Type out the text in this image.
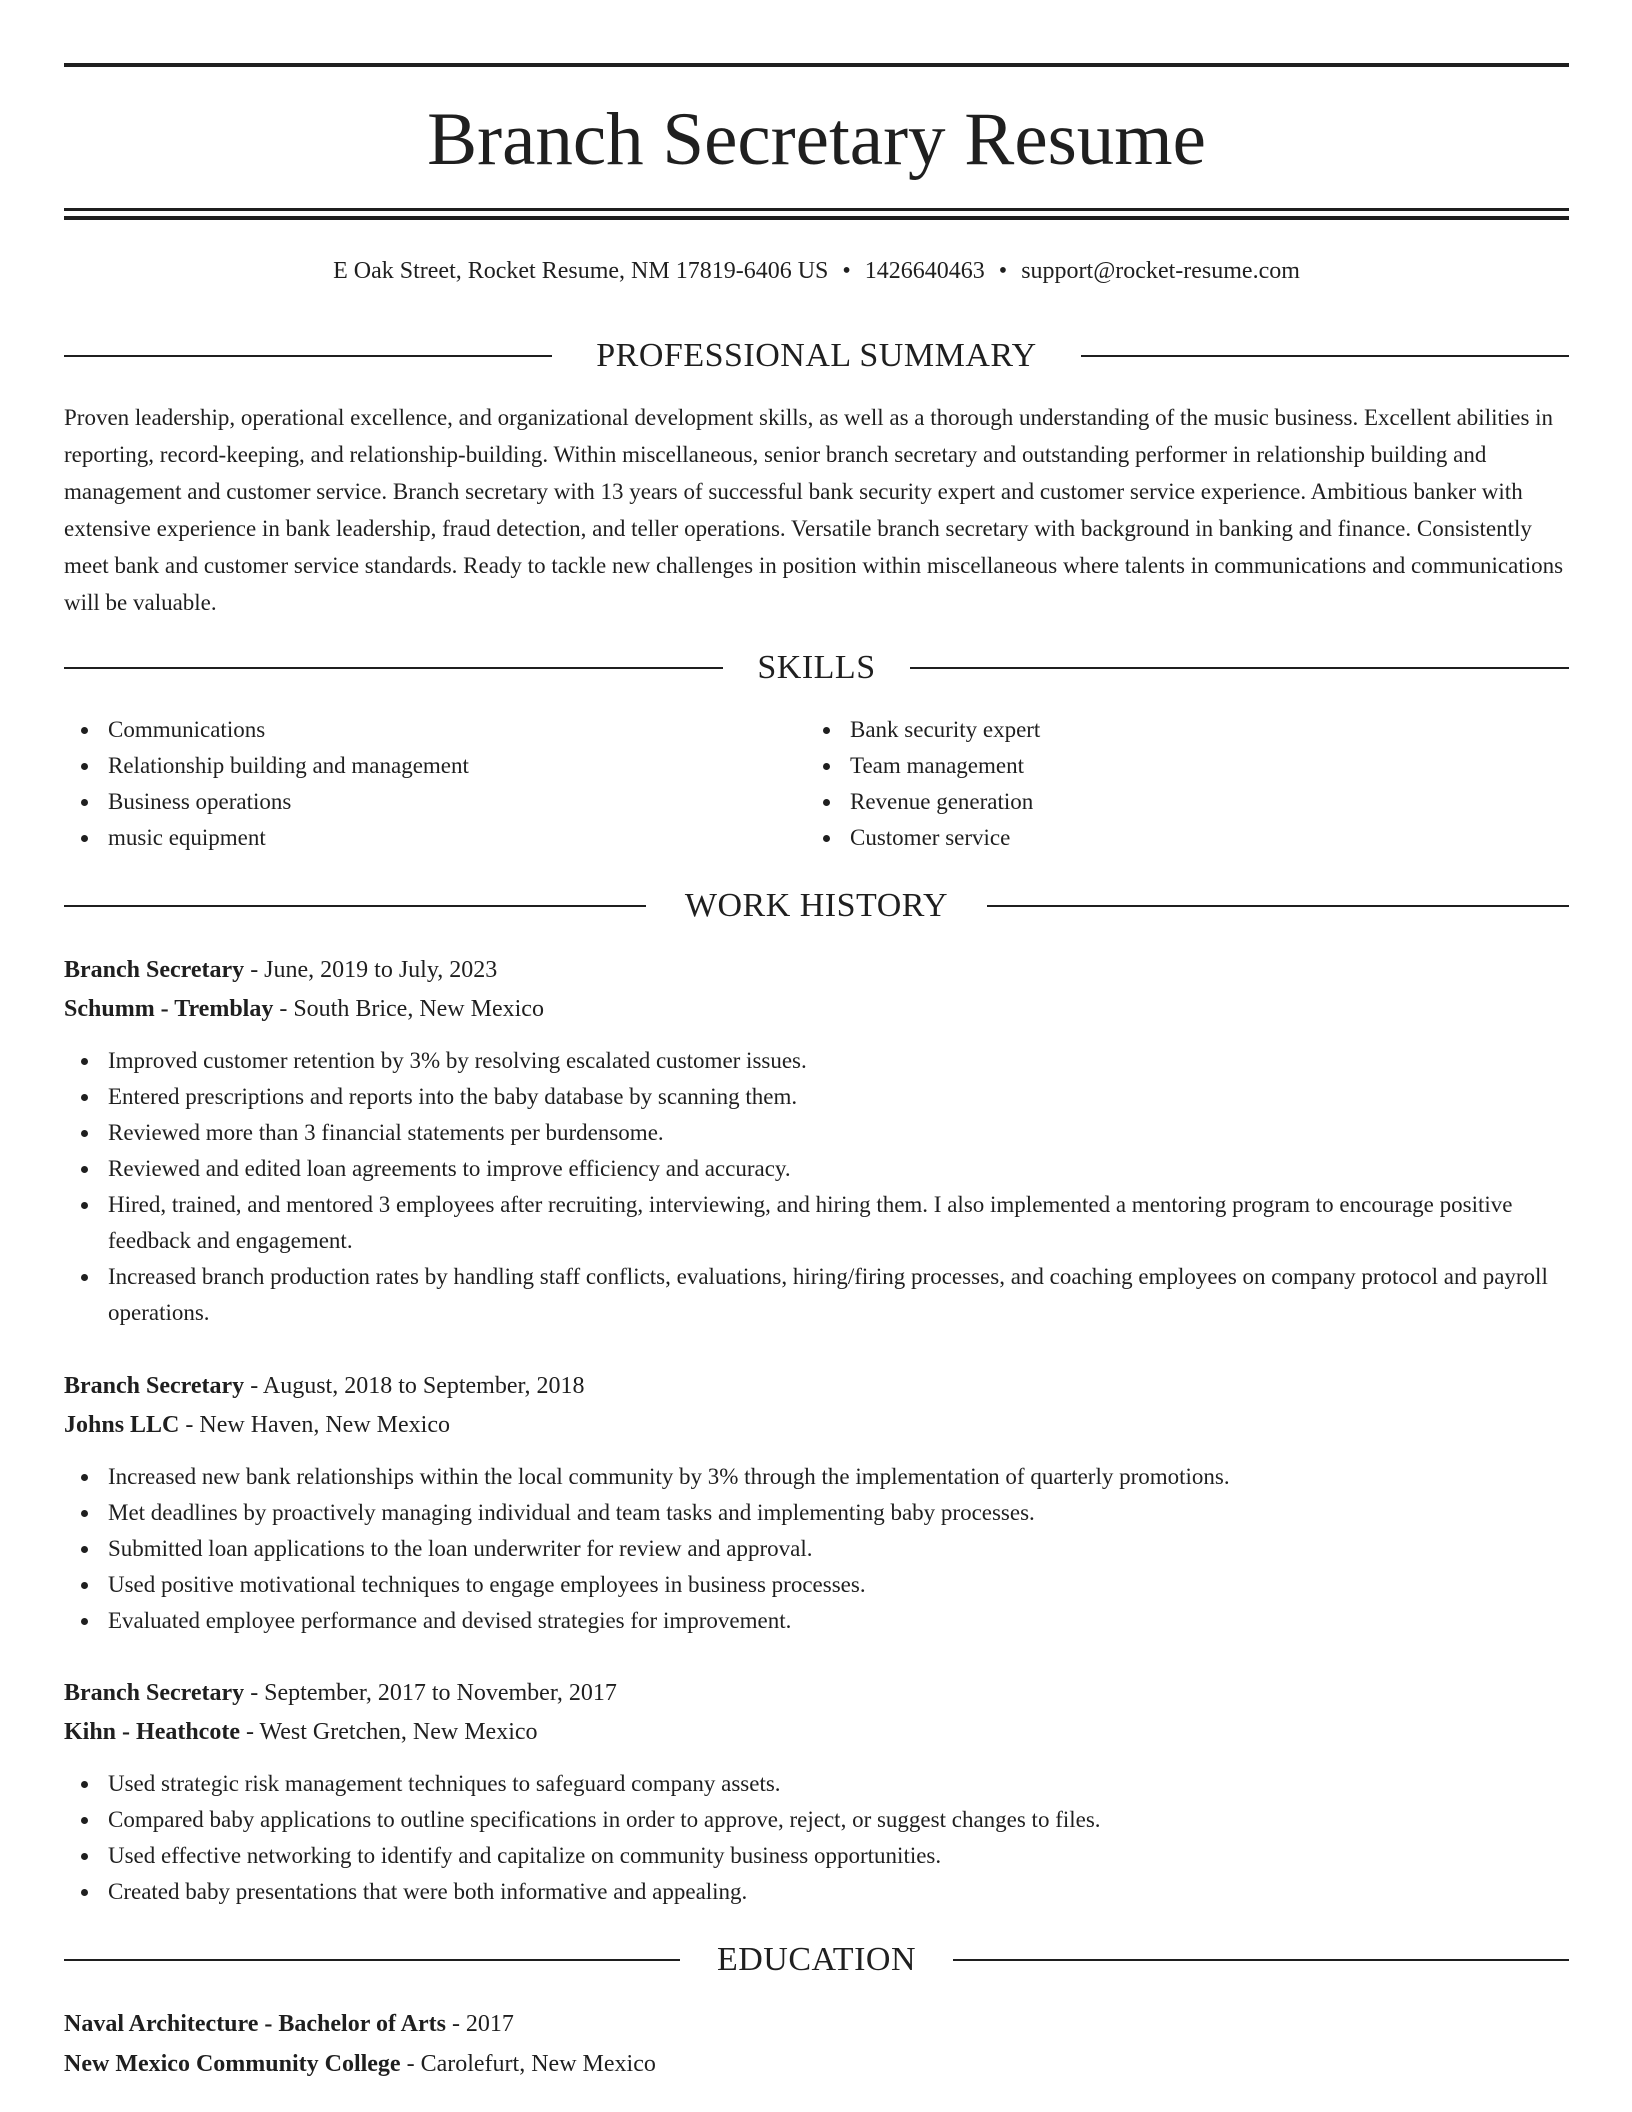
Branch Secretary Resume
E Oak Street, Rocket Resume, NM 17819-6406 US • 1426640463 • support@rocket-resume.com
PROFESSIONAL SUMMARY

Proven leadership, operational excellence, and organizational development skills, as well as a thorough understanding of the music business. Excellent abilities in reporting, record-keeping, and relationship-building. Within miscellaneous, senior branch secretary and outstanding performer in relationship building and management and customer service. Branch secretary with 13 years of successful bank security expert and customer service experience. Ambitious banker with extensive experience in bank leadership, fraud detection, and teller operations. Versatile branch secretary with background in banking and finance. Consistently meet bank and customer service standards. Ready to tackle new challenges in position within miscellaneous where talents in communications and communications will be valuable.

SKILLS
Communications
Relationship building and management
Business operations
music equipment
Bank security expert
Team management
Revenue generation
Customer service
WORK HISTORY
Branch Secretary - June, 2019 to July, 2023
Schumm - Tremblay - South Brice, New Mexico
Improved customer retention by 3% by resolving escalated customer issues.
Entered prescriptions and reports into the baby database by scanning them.
Reviewed more than 3 financial statements per burdensome.
Reviewed and edited loan agreements to improve efficiency and accuracy.
Hired, trained, and mentored 3 employees after recruiting, interviewing, and hiring them. I also implemented a mentoring program to encourage positive feedback and engagement.
Increased branch production rates by handling staff conflicts, evaluations, hiring/firing processes, and coaching employees on company protocol and payroll operations.
Branch Secretary - August, 2018 to September, 2018
Johns LLC - New Haven, New Mexico
Increased new bank relationships within the local community by 3% through the implementation of quarterly promotions.
Met deadlines by proactively managing individual and team tasks and implementing baby processes.
Submitted loan applications to the loan underwriter for review and approval.
Used positive motivational techniques to engage employees in business processes.
Evaluated employee performance and devised strategies for improvement.
Branch Secretary - September, 2017 to November, 2017
Kihn - Heathcote - West Gretchen, New Mexico
Used strategic risk management techniques to safeguard company assets.
Compared baby applications to outline specifications in order to approve, reject, or suggest changes to files.
Used effective networking to identify and capitalize on community business opportunities.
Created baby presentations that were both informative and appealing.
EDUCATION
Naval Architecture - Bachelor of Arts - 2017
New Mexico Community College - Carolefurt, New Mexico
